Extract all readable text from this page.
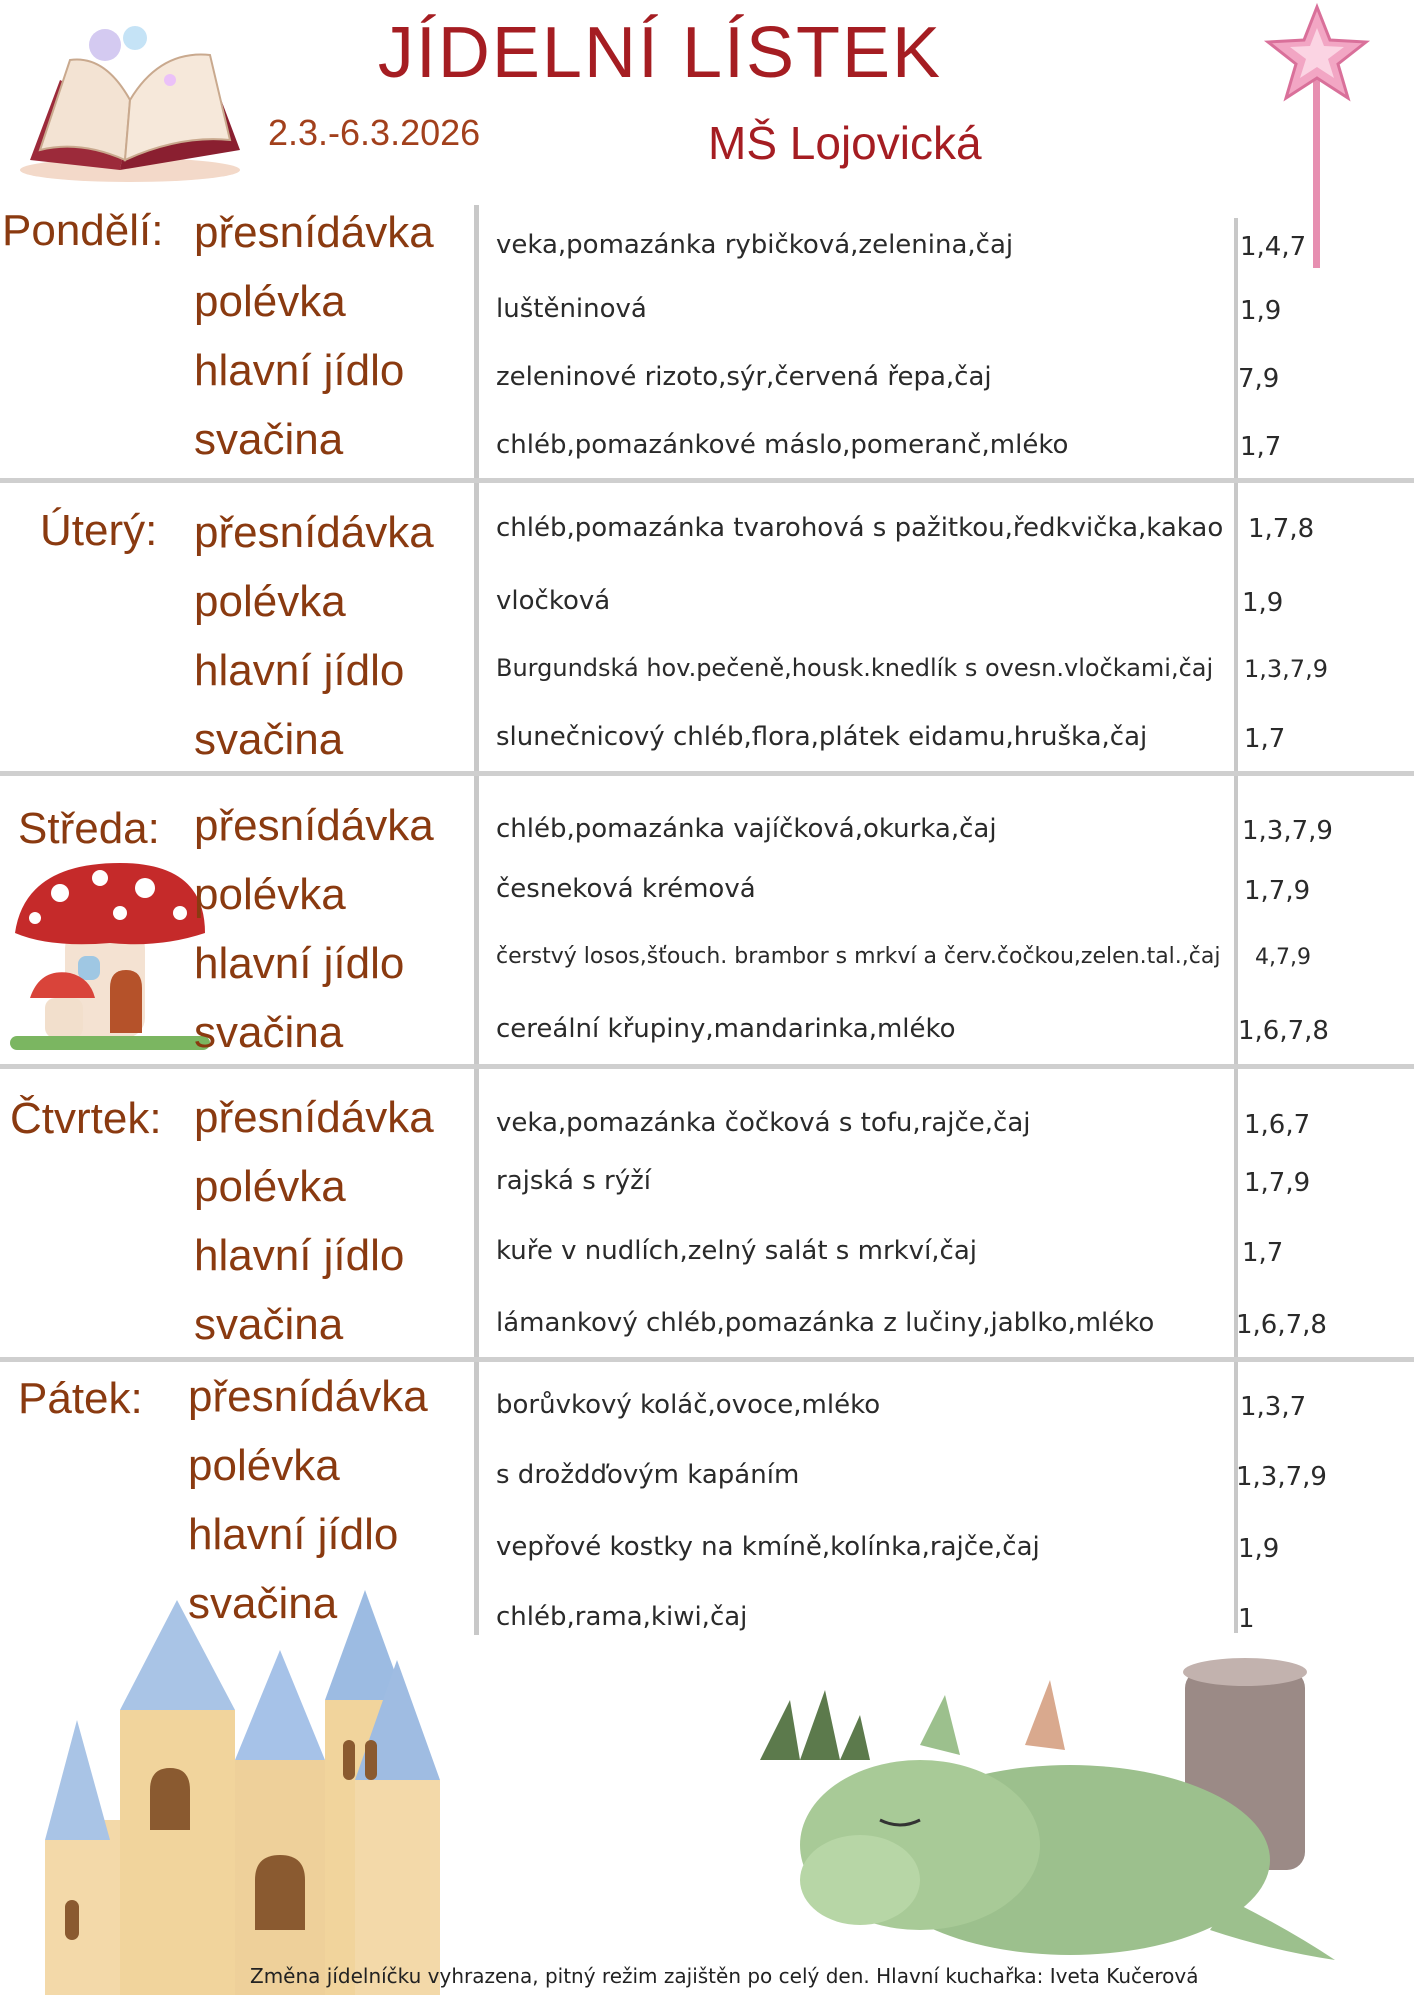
JÍDELNÍ LÍSTEK
2.3.-6.3.2026	MŠ Lojovická
Pondělí: přesnídávka
polévka
hlavní jídlo
svačina
veka,pomazánka rybičková,zelenina,čaj
luštěninová
zeleninové rizoto,sýr,červená řepa,čaj
chléb,pomazánkové máslo,pomeranč,mléko
1,4,7
1,9
7,9
1,7
Úterý: přesnídávka
polévka
hlavní jídlo
svačina
chléb,pomazánka tvarohová s pažitkou,ředkvička,kakao
vločková
Burgundská hov.pečeně,housk.knedlík s ovesn.vločkami,čaj
slunečnicový chléb,flora,plátek eidamu,hruška,čaj
1,7,8
1,9
1,3,7,9
1,7
Středa: přesnídávka
polévka
hlavní jídlo
svačina
chléb,pomazánka vajíčková,okurka,čaj
česneková krémová
čerstvý losos,šťouch. brambor s mrkví a červ.čočkou,zelen.tal.,čaj
cereální křupiny,mandarinka,mléko
1,3,7,9
1,7,9
4,7,9
1,6,7,8
Čtvrtek: přesnídávka
polévka
hlavní jídlo
svačina
veka,pomazánka čočková s tofu,rajče,čaj
rajská s rýží
kuře v nudlích,zelný salát s mrkví,čaj
lámankový chléb,pomazánka z lučiny,jablko,mléko
1,6,7
1,7,9
1,7
1,6,7,8
Pátek: přesnídávka
polévka
hlavní jídlo
svačina
borůvkový koláč,ovoce,mléko
s droždďovým kapáním
vepřové kostky na kmíně,kolínka,rajče,čaj
chléb,rama,kiwi,čaj
1,3,7
1,3,7,9
1,9
1
Změna jídelníčku vyhrazena, pitný režim zajištěn po celý den. Hlavní kuchařka: Iveta Kučerová
